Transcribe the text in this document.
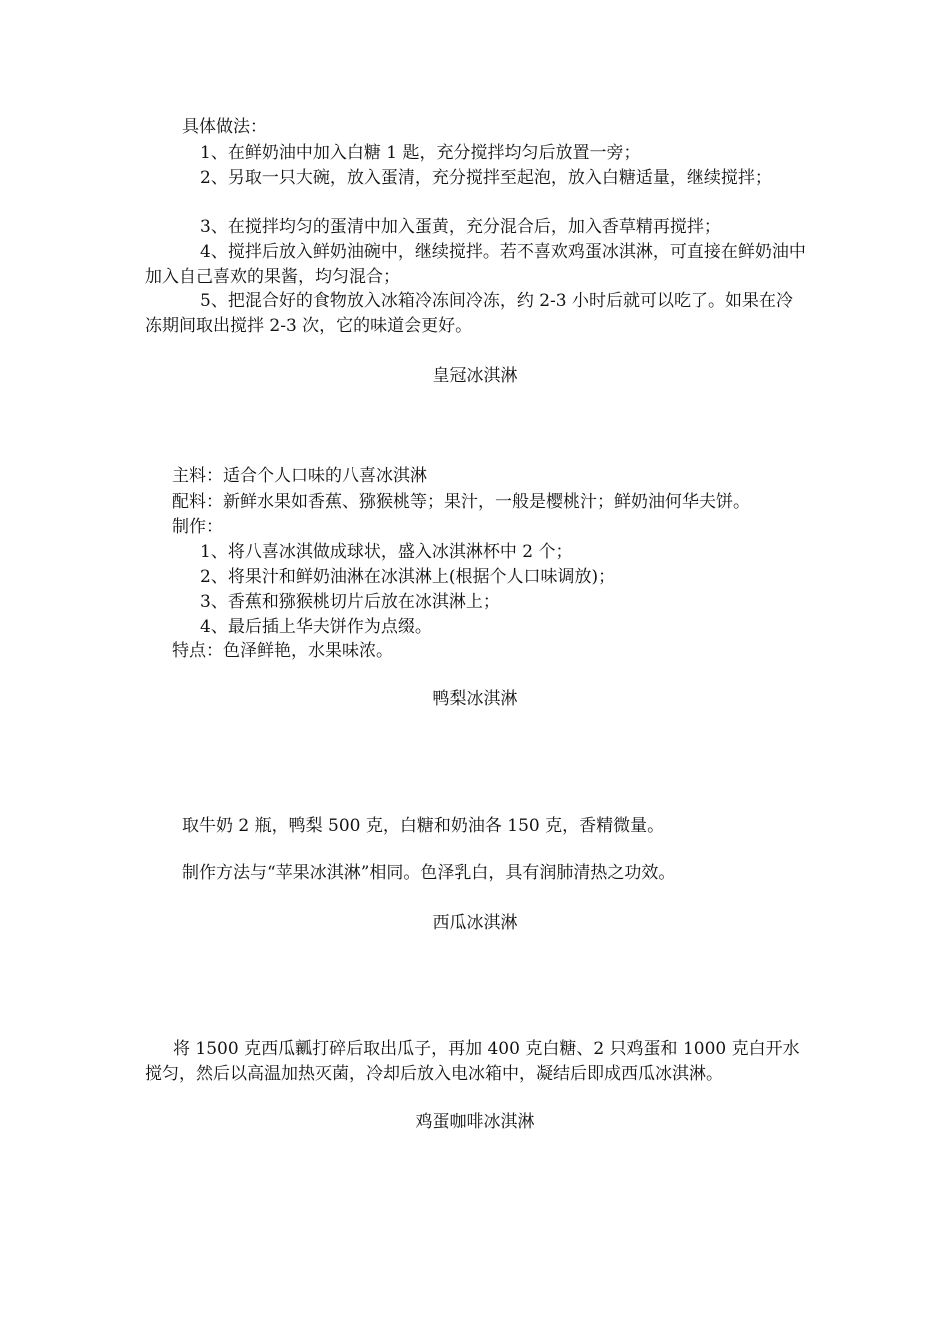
具体做法：
1、在鲜奶油中加入白糖 1 匙，充分搅拌均匀后放置一旁；
2、另取一只大碗，放入蛋清，充分搅拌至起泡，放入白糖适量，继续搅拌；
3、在搅拌均匀的蛋清中加入蛋黄，充分混合后，加入香草精再搅拌；
4、搅拌后放入鲜奶油碗中，继续搅拌。若不喜欢鸡蛋冰淇淋，可直接在鲜奶油中加入自己喜欢的果酱，均匀混合；
5、把混合好的食物放入冰箱冷冻间冷冻，约 2-3 小时后就可以吃了。如果在冷冻期间取出搅拌 2-3 次，它的味道会更好。
皇冠冰淇淋
主料：适合个人口味的八喜冰淇淋
配料：新鲜水果如香蕉、猕猴桃等；果汁，一般是樱桃汁；鲜奶油何华夫饼。
制作：
1、将八喜冰淇做成球状，盛入冰淇淋杯中 2 个；
2、将果汁和鲜奶油淋在冰淇淋上(根据个人口味调放)；
3、香蕉和猕猴桃切片后放在冰淇淋上；
4、最后插上华夫饼作为点缀。
特点：色泽鲜艳，水果味浓。
鸭梨冰淇淋
取牛奶 2 瓶，鸭梨 500 克，白糖和奶油各 150 克，香精微量。
制作方法与“苹果冰淇淋”相同。色泽乳白，具有润肺清热之功效。
西瓜冰淇淋
将 1500 克西瓜瓤打碎后取出瓜子，再加 400 克白糖、2 只鸡蛋和 1000 克白开水搅匀，然后以高温加热灭菌，冷却后放入电冰箱中，凝结后即成西瓜冰淇淋。
鸡蛋咖啡冰淇淋
